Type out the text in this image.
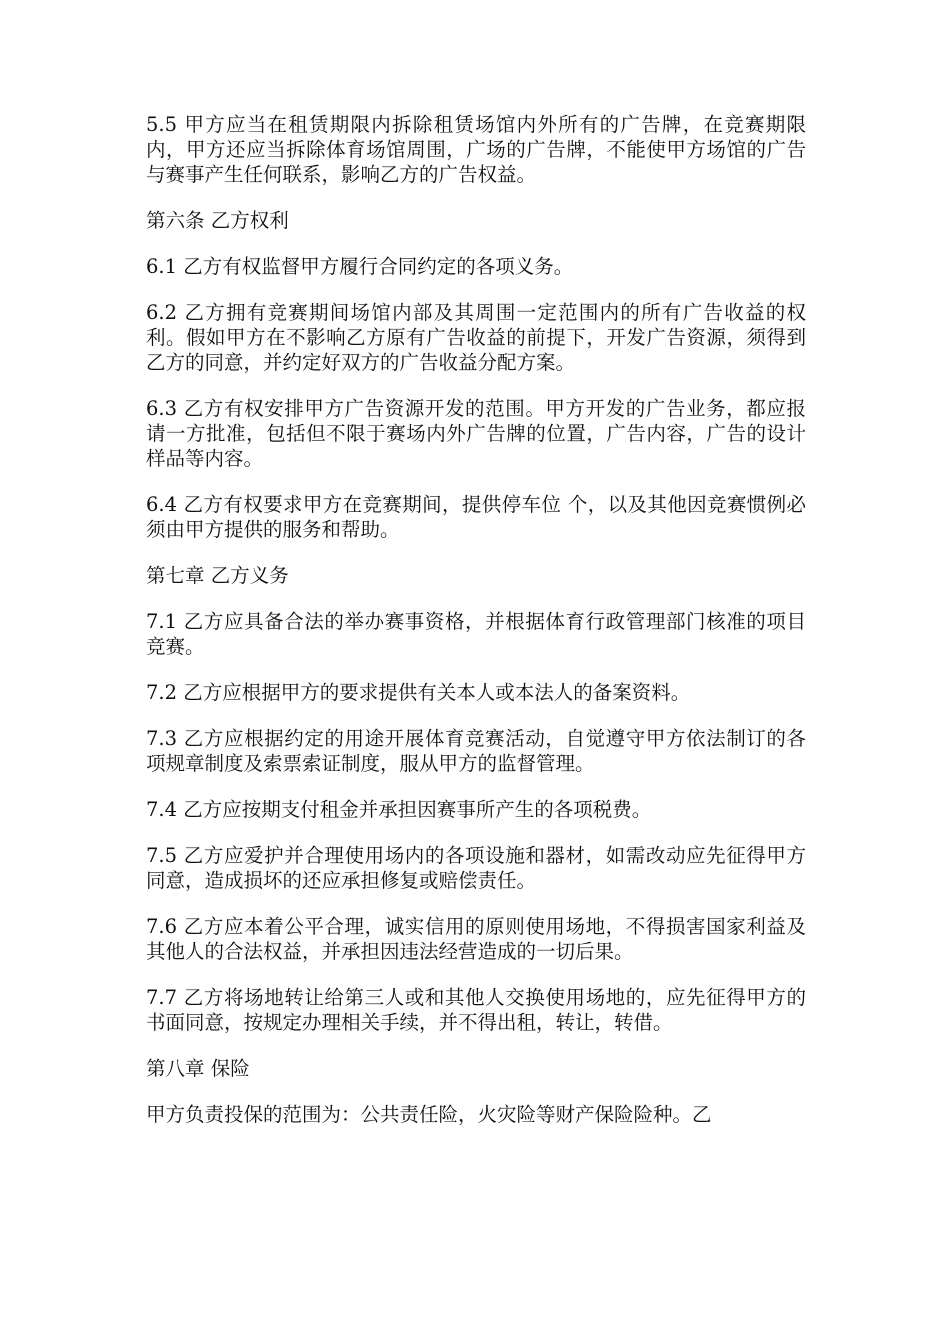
5.5 甲方应当在租赁期限内拆除租赁场馆内外所有的广告牌，在竞赛期限内，甲方还应当拆除体育场馆周围，广场的广告牌，不能使甲方场馆的广告与赛事产生任何联系，影响乙方的广告权益。

第六条 乙方权利

6.1 乙方有权监督甲方履行合同约定的各项义务。

6.2 乙方拥有竞赛期间场馆内部及其周围一定范围内的所有广告收益的权利。假如甲方在不影响乙方原有广告收益的前提下，开发广告资源，须得到乙方的同意，并约定好双方的广告收益分配方案。

6.3 乙方有权安排甲方广告资源开发的范围。甲方开发的广告业务，都应报请一方批准，包括但不限于赛场内外广告牌的位置，广告内容，广告的设计样品等内容。

6.4 乙方有权要求甲方在竞赛期间，提供停车位 个，以及其他因竞赛惯例必须由甲方提供的服务和帮助。

第七章 乙方义务

7.1 乙方应具备合法的举办赛事资格，并根据体育行政管理部门核准的项目竞赛。

7.2 乙方应根据甲方的要求提供有关本人或本法人的备案资料。

7.3 乙方应根据约定的用途开展体育竞赛活动，自觉遵守甲方依法制订的各项规章制度及索票索证制度，服从甲方的监督管理。

7.4 乙方应按期支付租金并承担因赛事所产生的各项税费。

7.5 乙方应爱护并合理使用场内的各项设施和器材，如需改动应先征得甲方同意，造成损坏的还应承担修复或赔偿责任。

7.6 乙方应本着公平合理，诚实信用的原则使用场地，不得损害国家利益及其他人的合法权益，并承担因违法经营造成的一切后果。

7.7 乙方将场地转让给第三人或和其他人交换使用场地的，应先征得甲方的书面同意，按规定办理相关手续，并不得出租，转让，转借。

第八章 保险

甲方负责投保的范围为：公共责任险，火灾险等财产保险险种。乙
